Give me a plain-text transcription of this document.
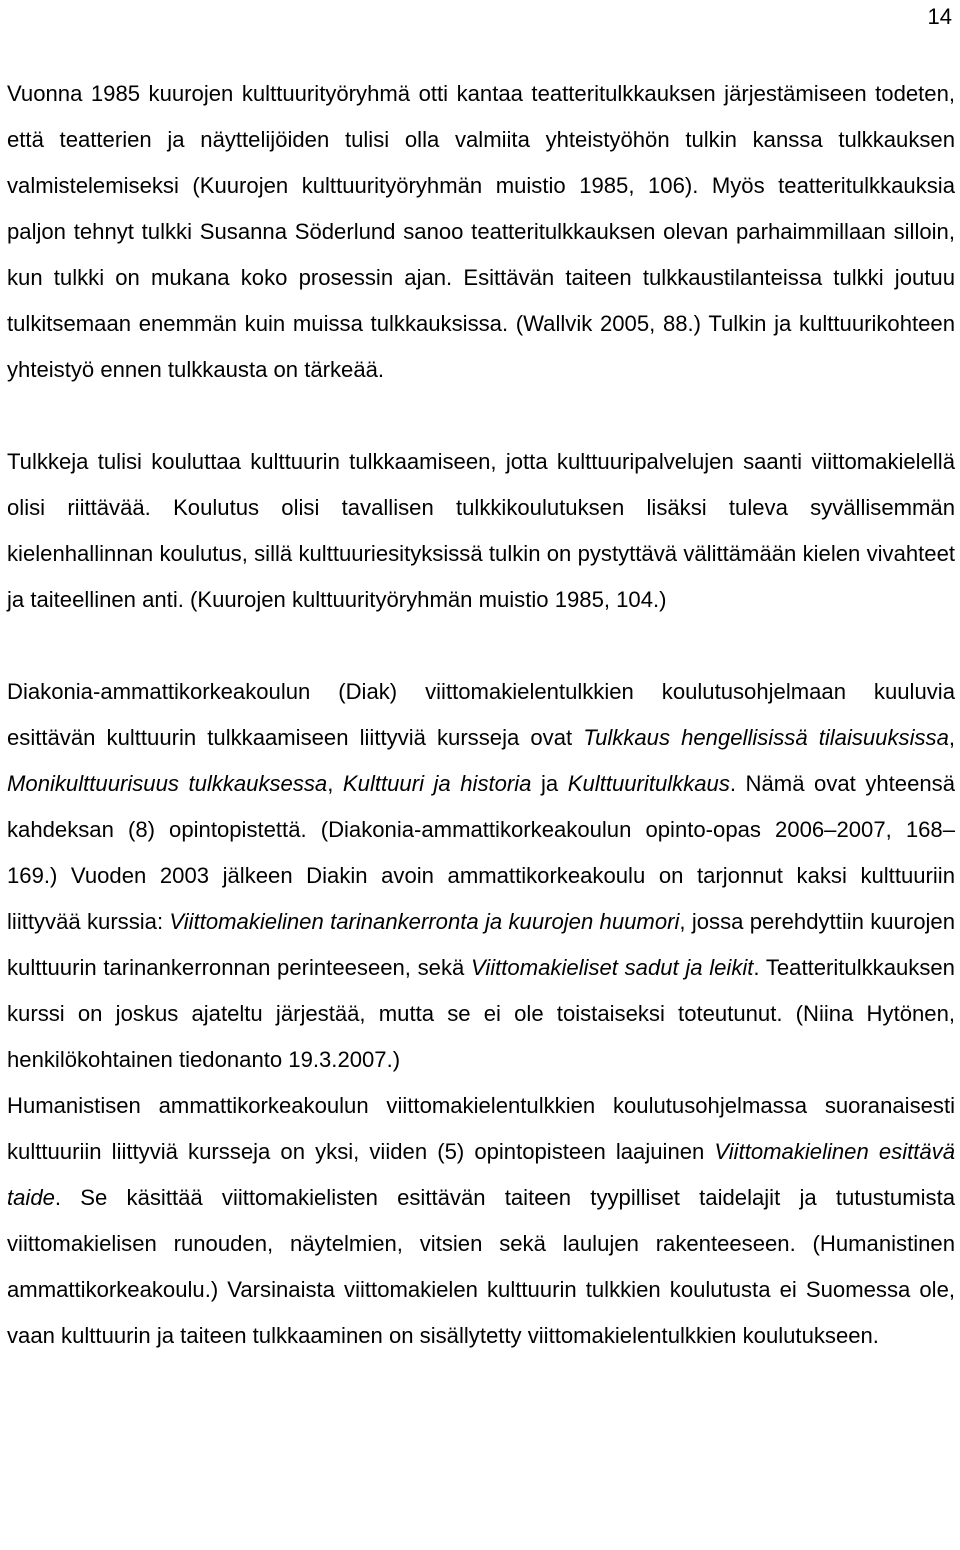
14

Vuonna 1985 kuurojen kulttuurityöryhmä otti kantaa teatteritulkkauksen järjestämiseen todeten, että teatterien ja näyttelijöiden tulisi olla valmiita yhteistyöhön tulkin kanssa tulkkauksen valmistelemiseksi (Kuurojen kulttuurityöryhmän muistio 1985, 106). Myös teatteritulkkauksia paljon tehnyt tulkki Susanna Söderlund sanoo teatteritulkkauksen olevan parhaimmillaan silloin, kun tulkki on mukana koko prosessin ajan. Esittävän taiteen tulkkaustilanteissa tulkki joutuu tulkitsemaan enemmän kuin muissa tulkkauksissa. (Wallvik 2005, 88.) Tulkin ja kulttuurikohteen yhteistyö ennen tulkkausta on tärkeää.

Tulkkeja tulisi kouluttaa kulttuurin tulkkaamiseen, jotta kulttuuripalvelujen saanti viittomakielellä olisi riittävää. Koulutus olisi tavallisen tulkkikoulutuksen lisäksi tuleva syvällisemmän kielenhallinnan koulutus, sillä kulttuuriesityksissä tulkin on pystyttävä välittämään kielen vivahteet ja taiteellinen anti. (Kuurojen kulttuurityöryhmän muistio 1985, 104.)

Diakonia-ammattikorkeakoulun (Diak) viittomakielentulkkien koulutusohjelmaan kuuluvia esittävän kulttuurin tulkkaamiseen liittyviä kursseja ovat Tulkkaus hengellisissä tilaisuuksissa, Monikulttuurisuus tulkkauksessa, Kulttuuri ja historia ja Kulttuuritulkkaus. Nämä ovat yhteensä kahdeksan (8) opintopistettä. (Diakonia-ammattikorkeakoulun opinto-opas 2006–2007, 168–169.) Vuoden 2003 jälkeen Diakin avoin ammattikorkeakoulu on tarjonnut kaksi kulttuuriin liittyvää kurssia: Viittomakielinen tarinankerronta ja kuurojen huumori, jossa perehdyttiin kuurojen kulttuurin tarinankerronnan perinteeseen, sekä Viittomakieliset sadut ja leikit. Teatteritulkkauksen kurssi on joskus ajateltu järjestää, mutta se ei ole toistaiseksi toteutunut. (Niina Hytönen, henkilökohtainen tiedonanto 19.3.2007.)

Humanistisen ammattikorkeakoulun viittomakielentulkkien koulutusohjelmassa suoranaisesti kulttuuriin liittyviä kursseja on yksi, viiden (5) opintopisteen laajuinen Viittomakielinen esittävä taide. Se käsittää viittomakielisten esittävän taiteen tyypilliset taidelajit ja tutustumista viittomakielisen runouden, näytelmien, vitsien sekä laulujen rakenteeseen. (Humanistinen ammattikorkeakoulu.) Varsinaista viittomakielen kulttuurin tulkkien koulutusta ei Suomessa ole, vaan kulttuurin ja taiteen tulkkaaminen on sisällytetty viittomakielentulkkien koulutukseen.
